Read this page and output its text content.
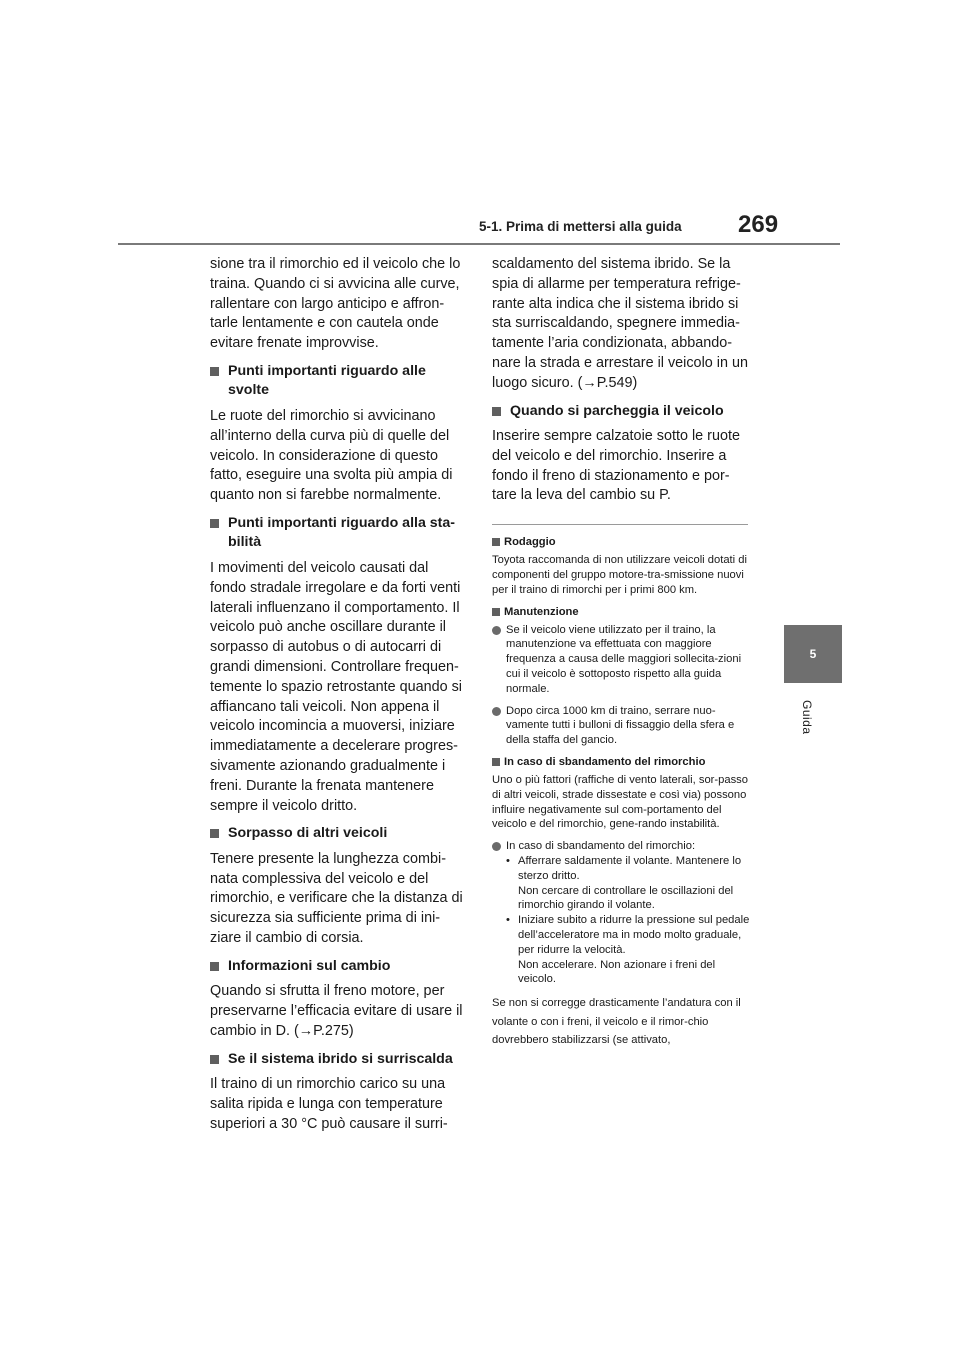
5-1. Prima di mettersi alla guida 269
5
Guida

sione tra il rimorchio ed il veicolo che lo traina. Quando ci si avvicina alle curve, rallentare con largo anticipo e affron-tarle lentamente e con cautela onde evitare frenate improvvise.

Punti importanti riguardo alle svolte

Le ruote del rimorchio si avvicinano all’interno della curva più di quelle del veicolo. In considerazione di questo fatto, eseguire una svolta più ampia di quanto non si farebbe normalmente.

Punti importanti riguardo alla sta-bilità

I movimenti del veicolo causati dal fondo stradale irregolare e da forti venti laterali influenzano il comportamento. Il veicolo può anche oscillare durante il sorpasso di autobus o di autocarri di grandi dimensioni. Controllare frequen-temente lo spazio retrostante quando si affiancano tali veicoli. Non appena il veicolo incomincia a muoversi, iniziare immediatamente a decelerare progres-sivamente azionando gradualmente i freni. Durante la frenata mantenere sempre il veicolo dritto.

Sorpasso di altri veicoli

Tenere presente la lunghezza combi-nata complessiva del veicolo e del rimorchio, e verificare che la distanza di sicurezza sia sufficiente prima di ini-ziare il cambio di corsia.

Informazioni sul cambio

Quando si sfrutta il freno motore, per preservarne l’efficacia evitare di usare il cambio in D. (→P.275)

Se il sistema ibrido si surriscalda

Il traino di un rimorchio carico su una salita ripida e lunga con temperature superiori a 30 °C può causare il surri-

scaldamento del sistema ibrido. Se la spia di allarme per temperatura refrige-rante alta indica che il sistema ibrido si sta surriscaldando, spegnere immedia-tamente l’aria condizionata, abbando-nare la strada e arrestare il veicolo in un luogo sicuro. (→P.549)

Quando si parcheggia il veicolo

Inserire sempre calzatoie sotto le ruote del veicolo e del rimorchio. Inserire a fondo il freno di stazionamento e por-tare la leva del cambio su P.

Rodaggio

Toyota raccomanda di non utilizzare veicoli dotati di componenti del gruppo motore-tra-smissione nuovi per il traino di rimorchi per i primi 800 km.

Manutenzione
Se il veicolo viene utilizzato per il traino, la manutenzione va effettuata con maggiore frequenza a causa delle maggiori sollecita-zioni cui il veicolo è sottoposto rispetto alla guida normale.
Dopo circa 1000 km di traino, serrare nuo-vamente tutti i bulloni di fissaggio della sfera e della staffa del gancio.
In caso di sbandamento del rimorchio

Uno o più fattori (raffiche di vento laterali, sor-passo di altri veicoli, strade dissestate e così via) possono influire negativamente sul com-portamento del veicolo e del rimorchio, gene-rando instabilità.

In caso di sbandamento del rimorchio:
• Afferrare saldamente il volante. Mantenere lo sterzo dritto.
Non cercare di controllare le oscillazioni del rimorchio girando il volante.
• Iniziare subito a ridurre la pressione sul pedale dell’acceleratore ma in modo molto graduale, per ridurre la velocità.
Non accelerare. Non azionare i freni del veicolo.

Se non si corregge drasticamente l’andatura con il volante o con i freni, il veicolo e il rimor-chio dovrebbero stabilizzarsi (se attivato,
